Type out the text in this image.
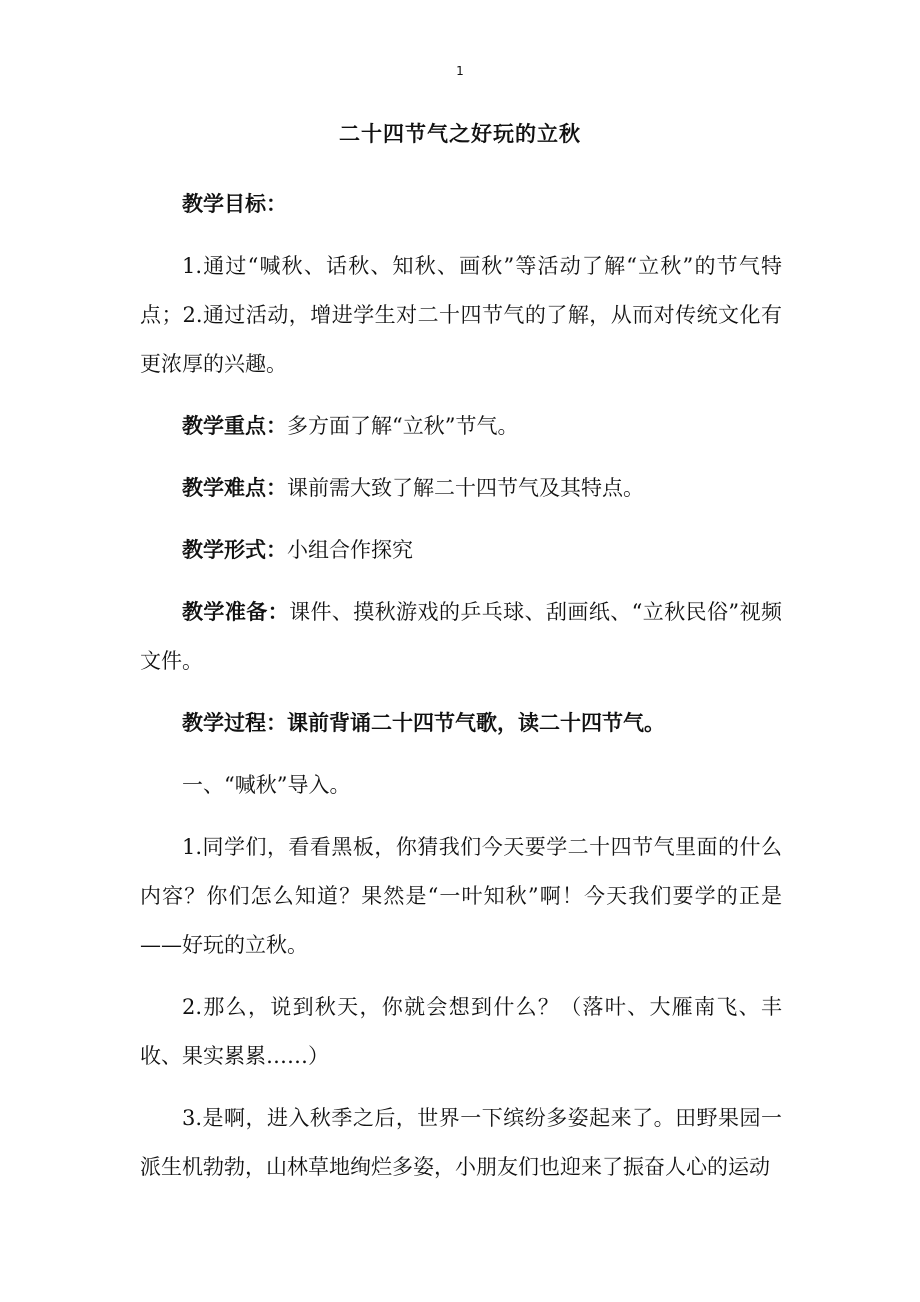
1
二十四节气之好玩的立秋

教学目标：

1.通过“喊秋、话秋、知秋、画秋”等活动了解“立秋”的节气特点；2.通过活动，增进学生对二十四节气的了解，从而对传统文化有更浓厚的兴趣。

教学重点：多方面了解“立秋”节气。

教学难点：课前需大致了解二十四节气及其特点。

教学形式：小组合作探究

教学准备：课件、摸秋游戏的乒乓球、刮画纸、“立秋民俗”视频文件。

教学过程：课前背诵二十四节气歌，读二十四节气。

一、“喊秋”导入。

1.同学们，看看黑板，你猜我们今天要学二十四节气里面的什么内容？你们怎么知道？果然是“一叶知秋”啊！今天我们要学的正是——好玩的立秋。

2.那么，说到秋天，你就会想到什么？（落叶、大雁南飞、丰收、果实累累……）

3.是啊，进入秋季之后，世界一下缤纷多姿起来了。田野果园一派生机勃勃，山林草地绚烂多姿，小朋友们也迎来了振奋人心的运动
